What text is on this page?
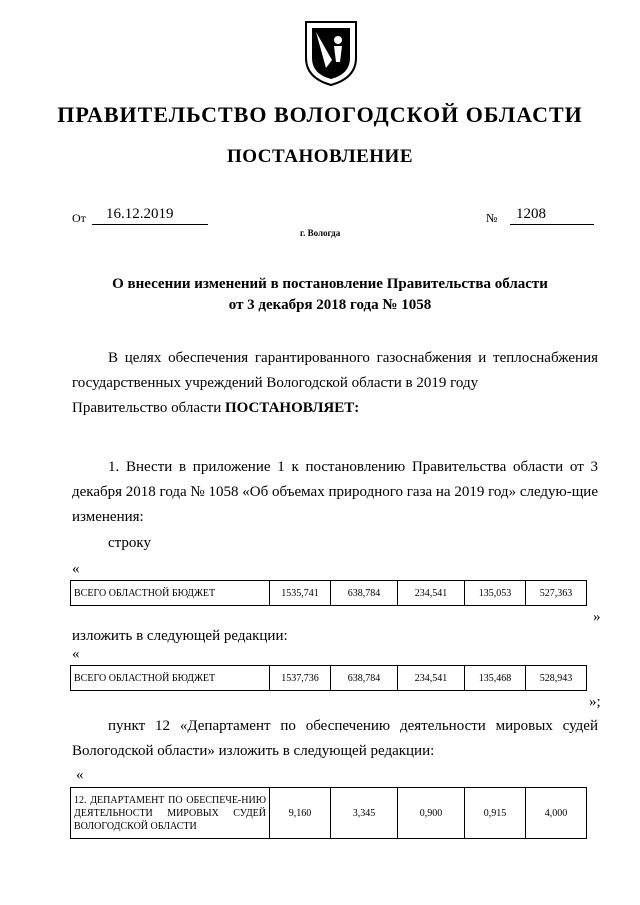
ПРАВИТЕЛЬСТВО ВОЛОГОДСКОЙ ОБЛАСТИ
ПОСТАНОВЛЕНИЕ
От	16.12.2019	№	1208
г. Вологда
О внесении изменений в постановление Правительства области
от 3 декабря 2018 года № 1058
В целях обеспечения гарантированного газоснабжения и теплоснабжения государственных учреждений Вологодской области в 2019 году
Правительство области ПОСТАНОВЛЯЕТ:
1. Внести в приложение 1 к постановлению Правительства области от 3 декабря 2018 года № 1058 «Об объемах природного газа на 2019 год» следую-щие изменения:
строку
«
ВСЕГО ОБЛАСТНОЙ БЮДЖЕТ	1535,741	638,784	234,541	135,053	527,363
»
изложить в следующей редакции:
«
ВСЕГО ОБЛАСТНОЙ БЮДЖЕТ	1537,736	638,784	234,541	135,468	528,943
»;
пункт 12 «Департамент по обеспечению деятельности мировых судей Вологодской области» изложить в следующей редакции:
«
12. ДЕПАРТАМЕНТ ПО ОБЕСПЕЧЕ-НИЮ ДЕЯТЕЛЬНОСТИ МИРОВЫХ СУДЕЙ ВОЛОГОДСКОЙ ОБЛАСТИ	9,160	3,345	0,900	0,915	4,000
